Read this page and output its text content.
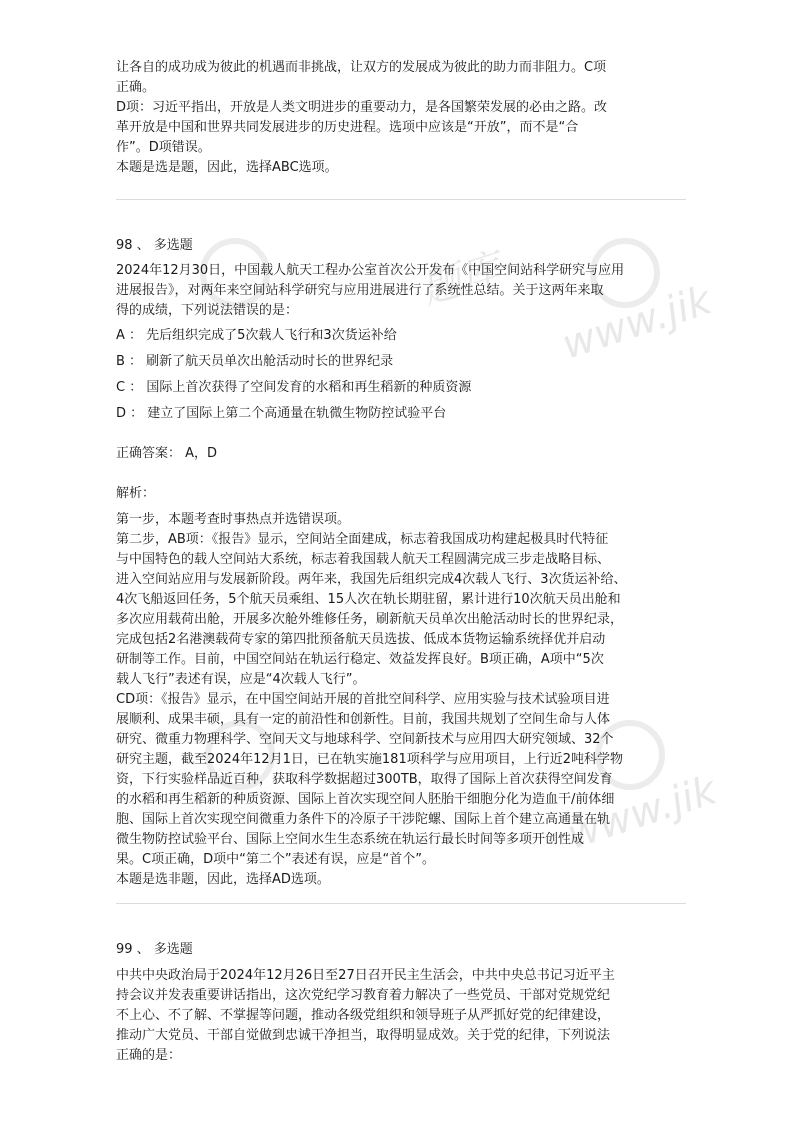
题库 www.jik
www.jik

让各自的成功成为彼此的机遇而非挑战，让双方的发展成为彼此的助力而非阻力。C项

正确。

D项：习近平指出，开放是人类文明进步的重要动力，是各国繁荣发展的必由之路。改

革开放是中国和世界共同发展进步的历史进程。选项中应该是“开放”，而不是“合

作”。D项错误。

本题是选是题，因此，选择ABC选项。

98 、 多选题

2024年12月30日，中国载人航天工程办公室首次公开发布《中国空间站科学研究与应用

进展报告》，对两年来空间站科学研究与应用进展进行了系统性总结。关于这两年来取

得的成绩，下列说法错误的是：

A ： 先后组织完成了5次载人飞行和3次货运补给

B ： 刷新了航天员单次出舱活动时长的世界纪录

C ： 国际上首次获得了空间发育的水稻和再生稻新的种质资源

D ： 建立了国际上第二个高通量在轨微生物防控试验平台

正确答案： A，D

解析：

第一步，本题考查时事热点并选错误项。

第二步，AB项：《报告》显示，空间站全面建成，标志着我国成功构建起极具时代特征

与中国特色的载人空间站大系统，标志着我国载人航天工程圆满完成三步走战略目标、

进入空间站应用与发展新阶段。两年来，我国先后组织完成4次载人飞行、3次货运补给、

4次飞船返回任务，5个航天员乘组、15人次在轨长期驻留，累计进行10次航天员出舱和

多次应用载荷出舱，开展多次舱外维修任务，刷新航天员单次出舱活动时长的世界纪录，

完成包括2名港澳载荷专家的第四批预备航天员选拔、低成本货物运输系统择优并启动

研制等工作。目前，中国空间站在轨运行稳定、效益发挥良好。B项正确，A项中“5次

载人飞行”表述有误，应是“4次载人飞行”。

CD项：《报告》显示，在中国空间站开展的首批空间科学、应用实验与技术试验项目进

展顺利、成果丰硕，具有一定的前沿性和创新性。目前，我国共规划了空间生命与人体

研究、微重力物理科学、空间天文与地球科学、空间新技术与应用四大研究领域、32个

研究主题，截至2024年12月1日，已在轨实施181项科学与应用项目，上行近2吨科学物

资，下行实验样品近百种，获取科学数据超过300TB，取得了国际上首次获得空间发育

的水稻和再生稻新的种质资源、国际上首次实现空间人胚胎干细胞分化为造血干/前体细

胞、国际上首次实现空间微重力条件下的冷原子干涉陀螺、国际上首个建立高通量在轨

微生物防控试验平台、国际上空间水生生态系统在轨运行最长时间等多项开创性成

果。C项正确，D项中“第二个”表述有误，应是“首个”。

本题是选非题，因此，选择AD选项。

99 、 多选题

中共中央政治局于2024年12月26日至27日召开民主生活会，中共中央总书记习近平主

持会议并发表重要讲话指出，这次党纪学习教育着力解决了一些党员、干部对党规党纪

不上心、不了解、不掌握等问题，推动各级党组织和领导班子从严抓好党的纪律建设，

推动广大党员、干部自觉做到忠诚干净担当，取得明显成效。关于党的纪律，下列说法

正确的是：
